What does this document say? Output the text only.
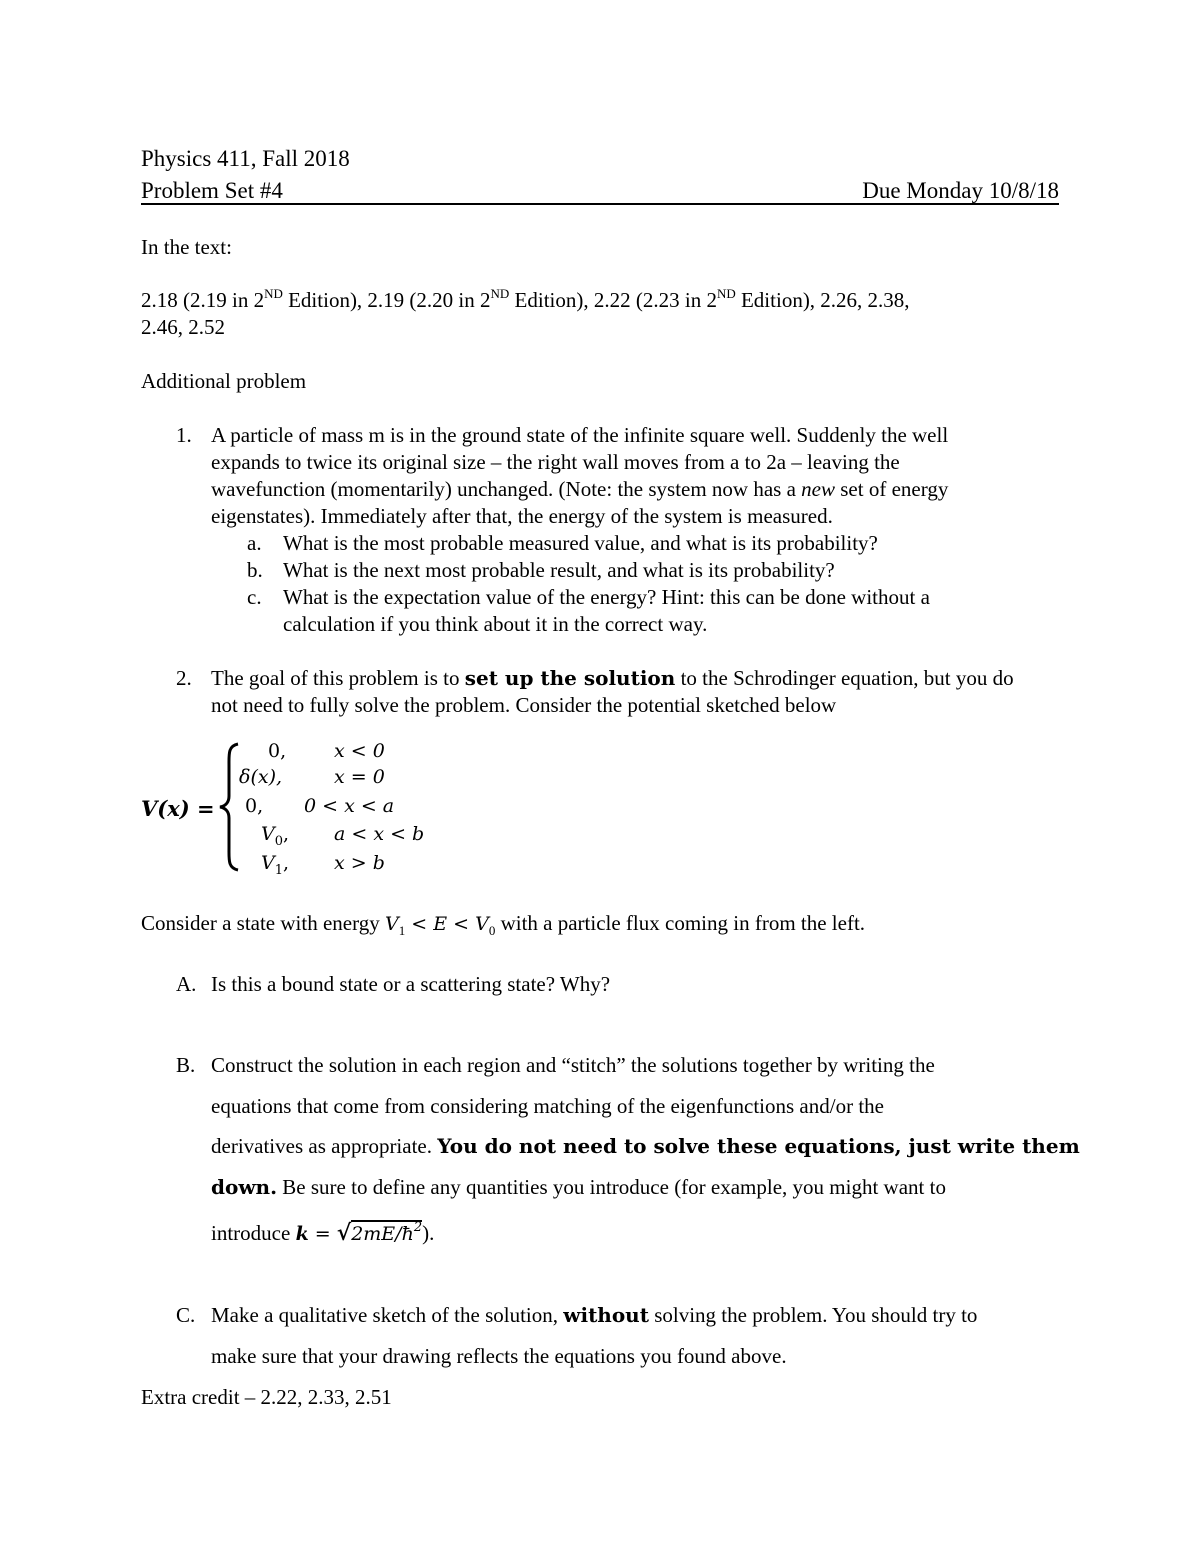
Physics 411, Fall 2018
Problem Set #4	Due Monday 10/8/18
In the text:
2.18 (2.19 in 2ND Edition), 2.19 (2.20 in 2ND Edition), 2.22 (2.23 in 2ND Edition), 2.26, 2.38,
2.46, 2.52
Additional problem
1. A particle of mass m is in the ground state of the infinite square well. Suddenly the well
expands to twice its original size – the right wall moves from a to 2a – leaving the
wavefunction (momentarily) unchanged. (Note: the system now has a new set of energy
eigenstates). Immediately after that, the energy of the system is measured.
a. What is the most probable measured value, and what is its probability?
b. What is the next most probable result, and what is its probability?
c. What is the expectation value of the energy? Hint: this can be done without a
calculation if you think about it in the correct way.
2. The goal of this problem is to set up the solution to the Schrodinger equation, but you do
not need to fully solve the problem. Consider the potential sketched below
V(x) =
0,	x < 0
δ(x),	x = 0
0, 0 < x < a
$V_0$, a < x < b
$V_1$, x > b
Consider a state with energy $V_1 < E < V_0$ with a particle flux coming in from the left.
A. Is this a bound state or a scattering state? Why?
B. Construct the solution in each region and “stitch” the solutions together by writing the
equations that come from considering matching of the eigenfunctions and/or the
derivatives as appropriate. You do not need to solve these equations, just write them
down. Be sure to define any quantities you introduce (for example, you might want to
introduce $k = √2mE/ħ^2$).
C. Make a qualitative sketch of the solution, without solving the problem. You should try to
make sure that your drawing reflects the equations you found above.
Extra credit – 2.22, 2.33, 2.51
